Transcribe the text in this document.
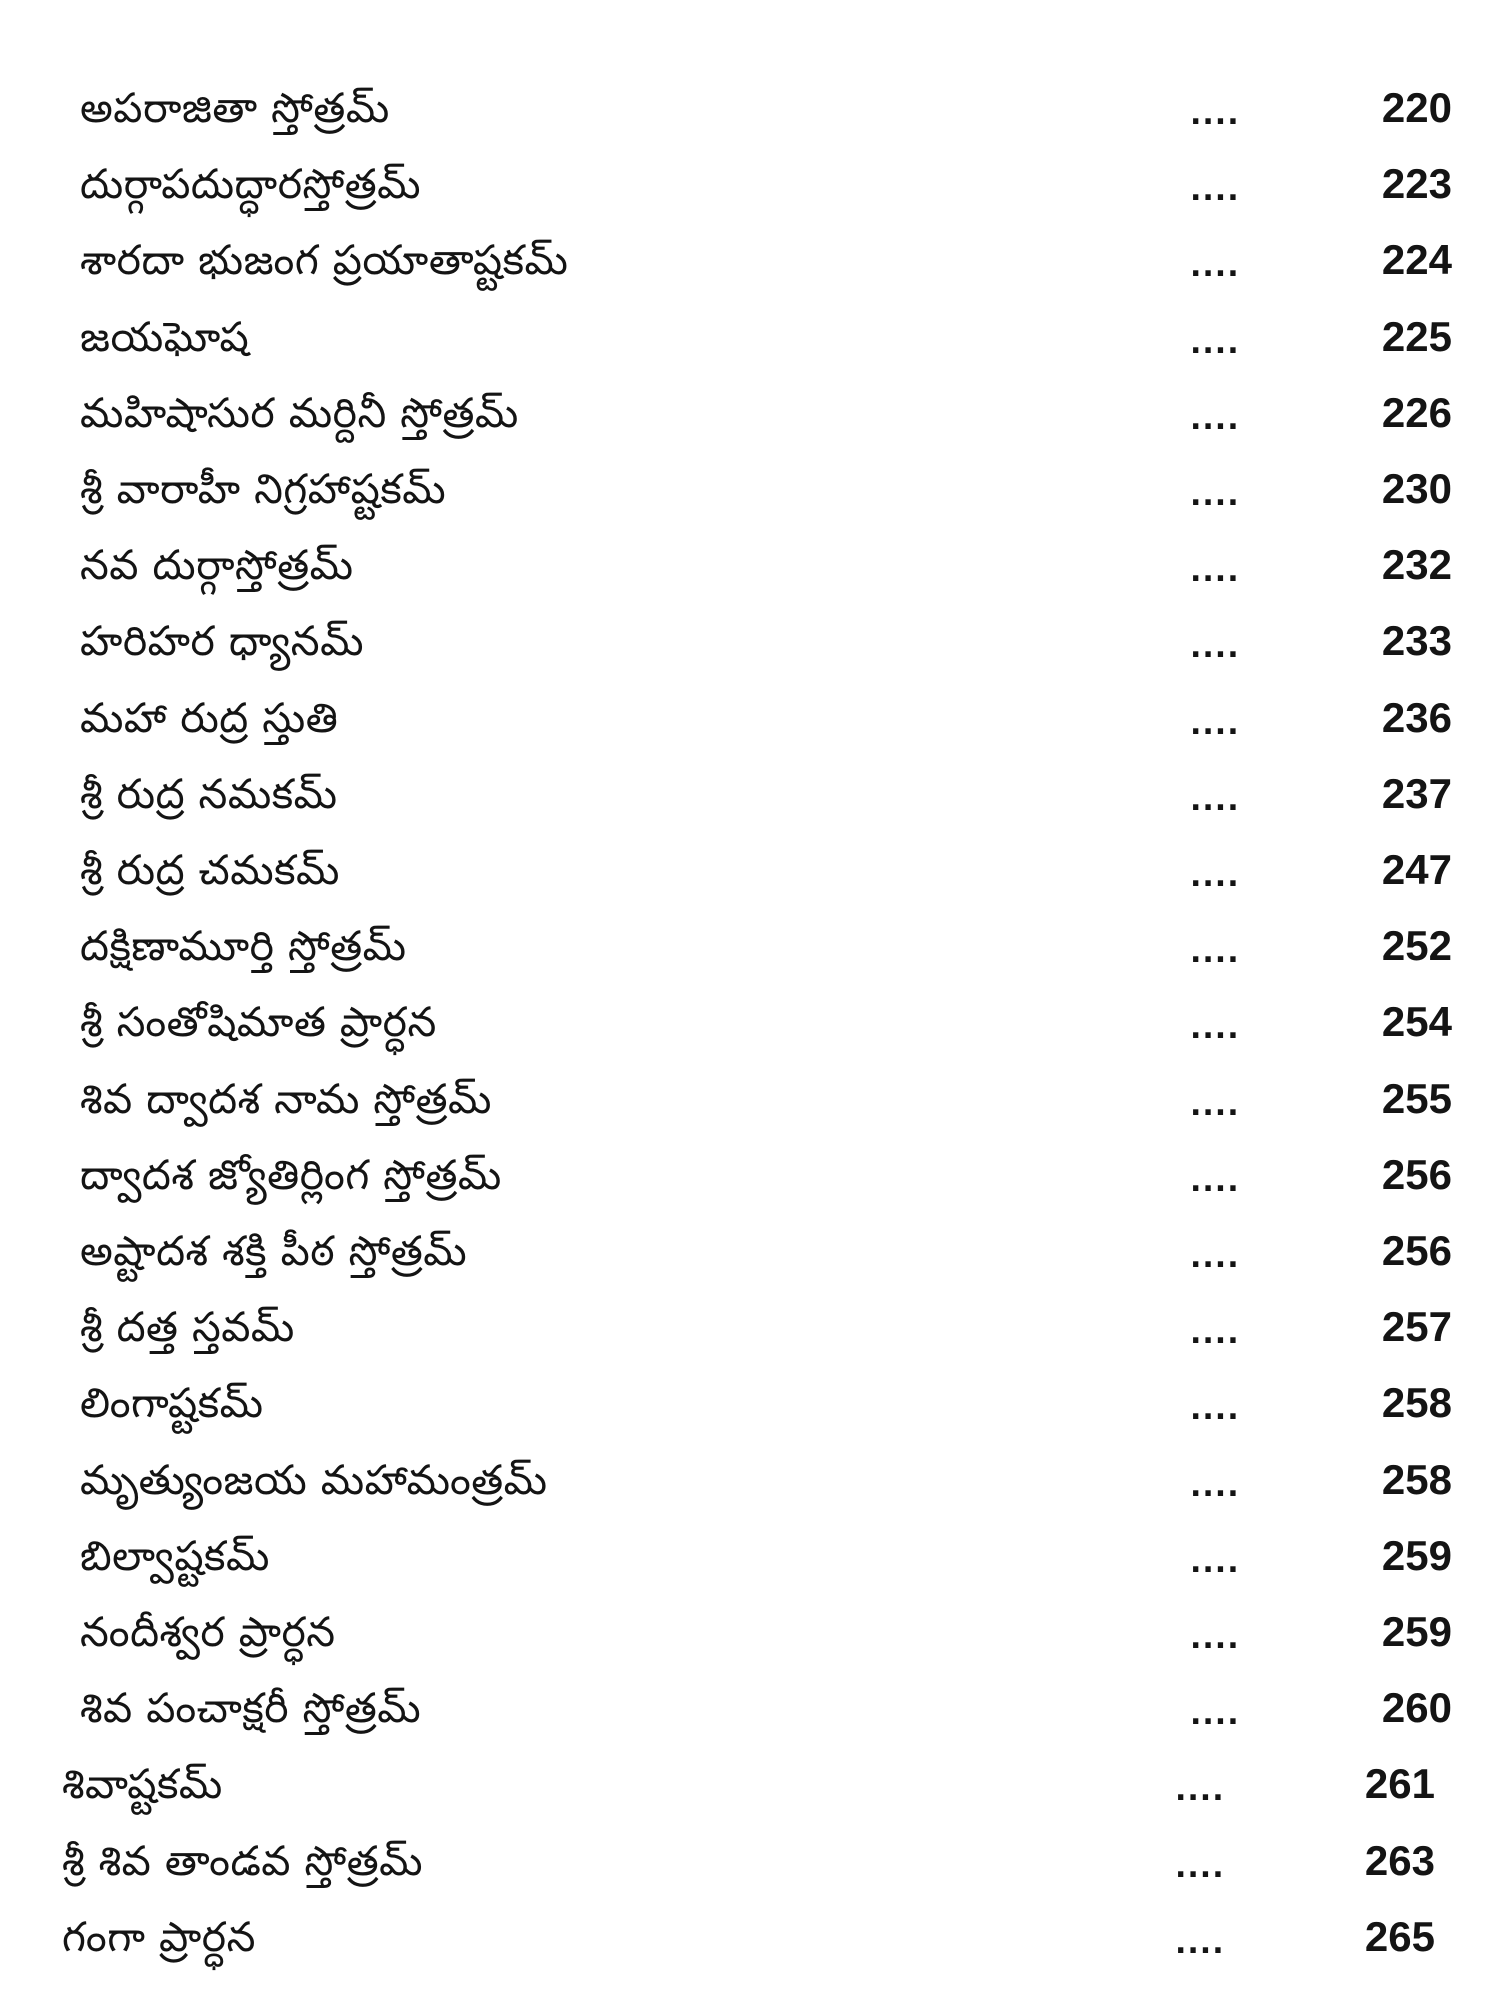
అపరాజితా స్తోత్రమ్	....	220
దుర్గాపదుద్ధారస్తోత్రమ్	....	223
శారదా భుజంగ ప్రయాతాష్టకమ్	....	224
జయఘోష	....	225
మహిషాసుర మర్దినీ స్తోత్రమ్	....	226
శ్రీ వారాహీ నిగ్రహాష్టకమ్	....	230
నవ దుర్గాస్తోత్రమ్	....	232
హరిహర ధ్యానమ్	....	233
మహా రుద్ర స్తుతి	....	236
శ్రీ రుద్ర నమకమ్	....	237
శ్రీ రుద్ర చమకమ్	....	247
దక్షిణామూర్తి స్తోత్రమ్	....	252
శ్రీ సంతోషిమాత ప్రార్ధన	....	254
శివ ద్వాదశ నామ స్తోత్రమ్	....	255
ద్వాదశ జ్యోతిర్లింగ స్తోత్రమ్	....	256
అష్టాదశ శక్తి పీఠ స్తోత్రమ్	....	256
శ్రీ దత్త స్తవమ్	....	257
లింగాష్టకమ్	....	258
మృత్యుంజయ మహామంత్రమ్	....	258
బిల్వాష్టకమ్	....	259
నందీశ్వర ప్రార్ధన	....	259
శివ పంచాక్షరీ స్తోత్రమ్	....	260
శివాష్టకమ్	....	261
శ్రీ శివ తాండవ స్తోత్రమ్	....	263
గంగా ప్రార్ధన	....	265
